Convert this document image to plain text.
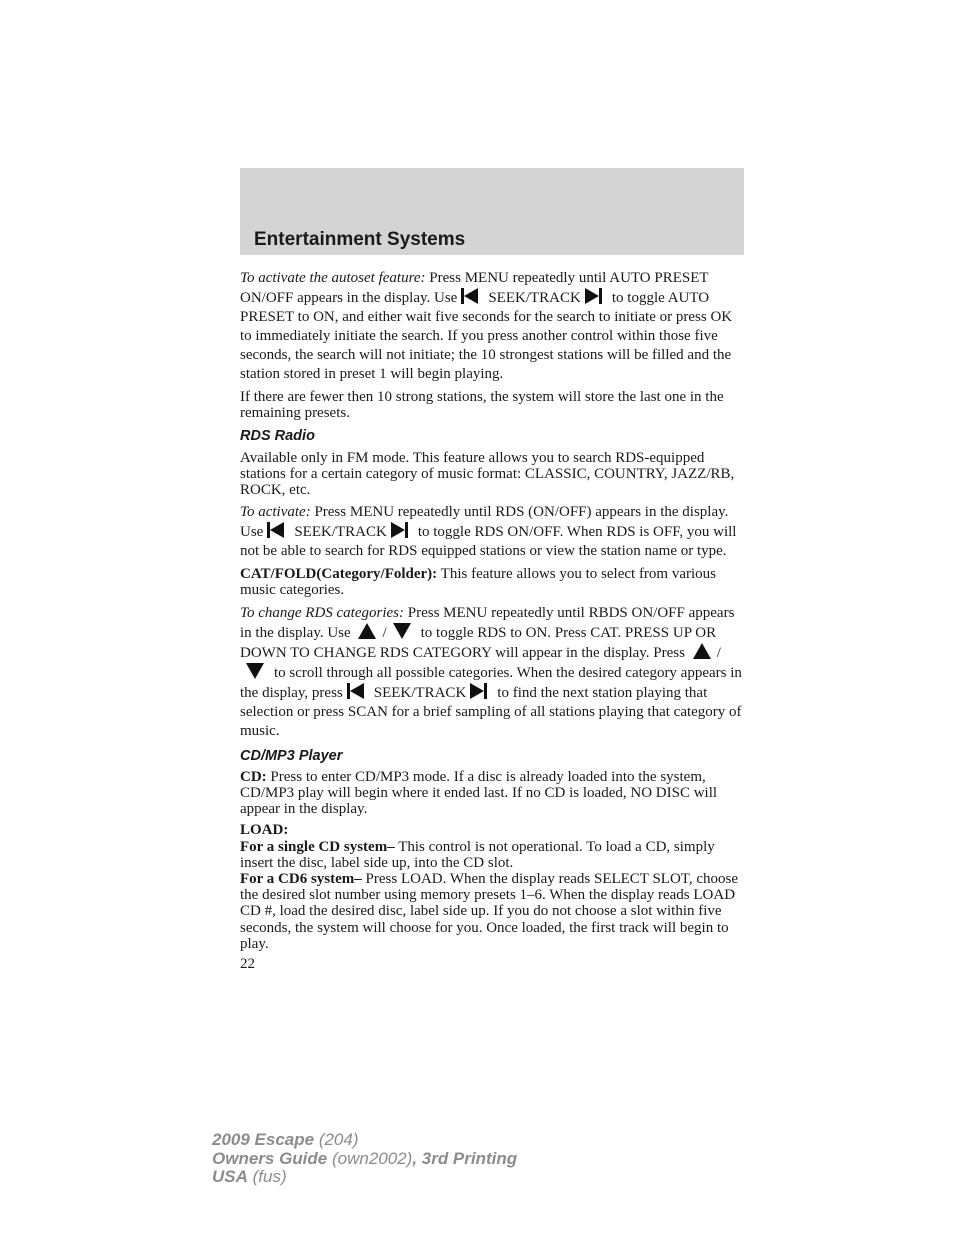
Entertainment Systems

To activate the autoset feature: Press MENU repeatedly until AUTO PRESET ON/OFF appears in the display. Use SEEK/TRACK to toggle AUTO PRESET to ON, and either wait five seconds for the search to initiate or press OK to immediately initiate the search. If you press another control within those five seconds, the search will not initiate; the 10 strongest stations will be filled and the station stored in preset 1 will begin playing.

If there are fewer then 10 strong stations, the system will store the last one in the remaining presets.

RDS Radio

Available only in FM mode. This feature allows you to search RDS-equipped stations for a certain category of music format: CLASSIC, COUNTRY, JAZZ/RB, ROCK, etc.

To activate: Press MENU repeatedly until RDS (ON/OFF) appears in the display. Use SEEK/TRACK to toggle RDS ON/OFF. When RDS is OFF, you will not be able to search for RDS equipped stations or view the station name or type.

CAT/FOLD(Category/Folder): This feature allows you to select from various music categories.

To change RDS categories: Press MENU repeatedly until RBDS ON/OFF appears in the display. Use / to toggle RDS to ON. Press CAT. PRESS UP OR DOWN TO CHANGE RDS CATEGORY will appear in the display. Press /to scroll through all possible categories. When the desired category appears in the display, press SEEK/TRACK to find the next station playing that selection or press SCAN for a brief sampling of all stations playing that category of music.

CD/MP3 Player

CD: Press to enter CD/MP3 mode. If a disc is already loaded into the system, CD/MP3 play will begin where it ended last. If no CD is loaded, NO DISC will appear in the display.

LOAD:

For a single CD system– This control is not operational. To load a CD, simply insert the disc, label side up, into the CD slot.

For a CD6 system– Press LOAD. When the display reads SELECT SLOT, choose the desired slot number using memory presets 1–6. When the display reads LOAD CD #, load the desired disc, label side up. If you do not choose a slot within five seconds, the system will choose for you. Once loaded, the first track will begin to play.

22
2009 Escape (204)
Owners Guide (own2002), 3rd Printing
USA (fus)
